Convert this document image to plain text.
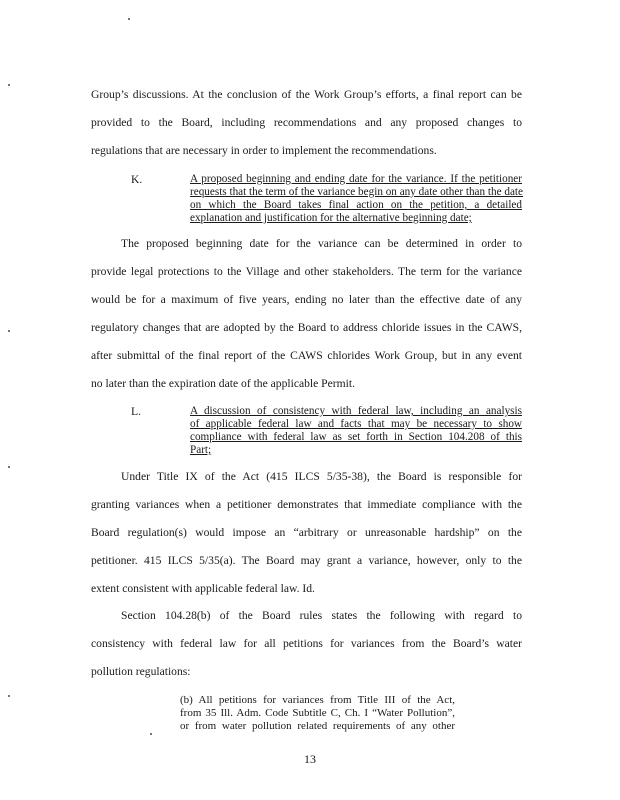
Group’s discussions. At the conclusion of the Work Group’s efforts, a final report can be
provided to the Board, including recommendations and any proposed changes to
regulations that are necessary in order to implement the recommendations.
K.	A proposed beginning and ending date for the variance. If the petitioner
requests that the term of the variance begin on any date other than the date
on which the Board takes final action on the petition, a detailed
explanation and justification for the alternative beginning date;
The proposed beginning date for the variance can be determined in order to
provide legal protections to the Village and other stakeholders. The term for the variance
would be for a maximum of five years, ending no later than the effective date of any
regulatory changes that are adopted by the Board to address chloride issues in the CAWS,
after submittal of the final report of the CAWS chlorides Work Group, but in any event
no later than the expiration date of the applicable Permit.
L.	A discussion of consistency with federal law, including an analysis
of applicable federal law and facts that may be necessary to show
compliance with federal law as set forth in Section 104.208 of this
Part;
Under Title IX of the Act (415 ILCS 5/35-38), the Board is responsible for
granting variances when a petitioner demonstrates that immediate compliance with the
Board regulation(s) would impose an “arbitrary or unreasonable hardship” on the
petitioner. 415 ILCS 5/35(a). The Board may grant a variance, however, only to the
extent consistent with applicable federal law. Id.
Section 104.28(b) of the Board rules states the following with regard to
consistency with federal law for all petitions for variances from the Board’s water
pollution regulations:
(b) All petitions for variances from Title III of the Act,
from 35 Ill. Adm. Code Subtitle C, Ch. I “Water Pollution”,
or from water pollution related requirements of any other
13
